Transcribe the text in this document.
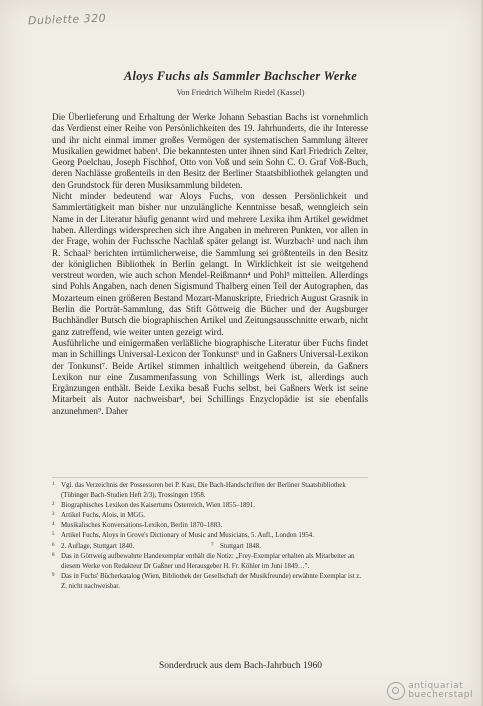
Dublette 320
Aloys Fuchs als Sammler Bachscher Werke
Von Friedrich Wilhelm Riedel (Kassel)

Die Überlieferung und Erhaltung der Werke Johann Sebastian Bachs ist vornehmlich das Verdienst einer Reihe von Persönlichkeiten des 19. Jahrhunderts, die ihr Interesse und ihr nicht einmal immer großes Vermögen der systematischen Sammlung älterer Musikalien gewidmet haben¹. Die bekanntesten unter ihnen sind Karl Friedrich Zelter, Georg Poelchau, Joseph Fischhof, Otto von Voß und sein Sohn C. O. Graf Voß-Buch, deren Nachlässe großenteils in den Besitz der Berliner Staatsbibliothek gelangten und den Grundstock für deren Musiksammlung bildeten.

Nicht minder bedeutend war Aloys Fuchs, von dessen Persönlichkeit und Sammlertätigkeit man bisher nur unzulängliche Kenntnisse besaß, wenngleich sein Name in der Literatur häufig genannt wird und mehrere Lexika ihm Artikel gewidmet haben. Allerdings widersprechen sich ihre Angaben in mehreren Punkten, vor allen in der Frage, wohin der Fuchssche Nachlaß später gelangt ist. Wurzbach² und nach ihm R. Schaal³ berichten irrtümlicherweise, die Sammlung sei größtenteils in den Besitz der königlichen Bibliothek in Berlin gelangt. In Wirklichkeit ist sie weitgehend verstreut worden, wie auch schon Mendel-Reißmann⁴ und Pohl⁵ mitteilen. Allerdings sind Pohls Angaben, nach denen Sigismund Thalberg einen Teil der Autographen, das Mozarteum einen größeren Bestand Mozart-Manuskripte, Friedrich August Grasnik in Berlin die Porträt-Sammlung, das Stift Göttweig die Bücher und der Augsburger Buchhändler Butsch die biographischen Artikel und Zeitungsausschnitte erwarb, nicht ganz zutreffend, wie weiter unten gezeigt wird.

Ausführliche und einigermaßen verläßliche biographische Literatur über Fuchs findet man in Schillings Universal-Lexicon der Tonkunst⁶ und in Gaßners Universal-Lexikon der Tonkunst⁷. Beide Artikel stimmen inhaltlich weitgehend überein, da Gaßners Lexikon nur eine Zusammenfassung von Schillings Werk ist, allerdings auch Ergänzungen enthält. Beide Lexika besaß Fuchs selbst, bei Gaßners Werk ist seine Mitarbeit als Autor nachweisbar⁸, bei Schillings Enzyclopädie ist sie ebenfalls anzunehmen⁹. Daher

1 Vgl. das Verzeichnis der Possessoren bei P. Kast, Die Bach-Handschriften der Berliner Staatsbibliothek (Tübinger Bach-Studien Heft 2/3), Trossingen 1958.
2 Biographisches Lexikon des Kaisertums Österreich, Wien 1855–1891.
3 Artikel Fuchs, Alois, in MGG.
4 Musikalisches Konversations-Lexikon, Berlin 1870–1883.
5 Artikel Fuchs, Aloys in Grove's Dictionary of Music and Musicians, 5. Aufl., London 1954.
6 2. Auflage, Stuttgart 1840.	7 Stuttgart 1848.
8 Das in Göttweig aufbewahrte Handexemplar enthält die Notiz: „Frey-Exemplar erhalten als Mitarbeiter an diesem Werke von Redakteur Dr Gaßner und Herausgeber H. Fr. Köhler im Juni 1849…".
9 Das in Fuchs' Bücherkatalog (Wien, Bibliothek der Gesellschaft der Musikfreunde) erwähnte Exemplar ist z. Z. nicht nachweisbar.
Sonderdruck aus dem Bach-Jahrbuch 1960
antiquariat
buecherstapl
